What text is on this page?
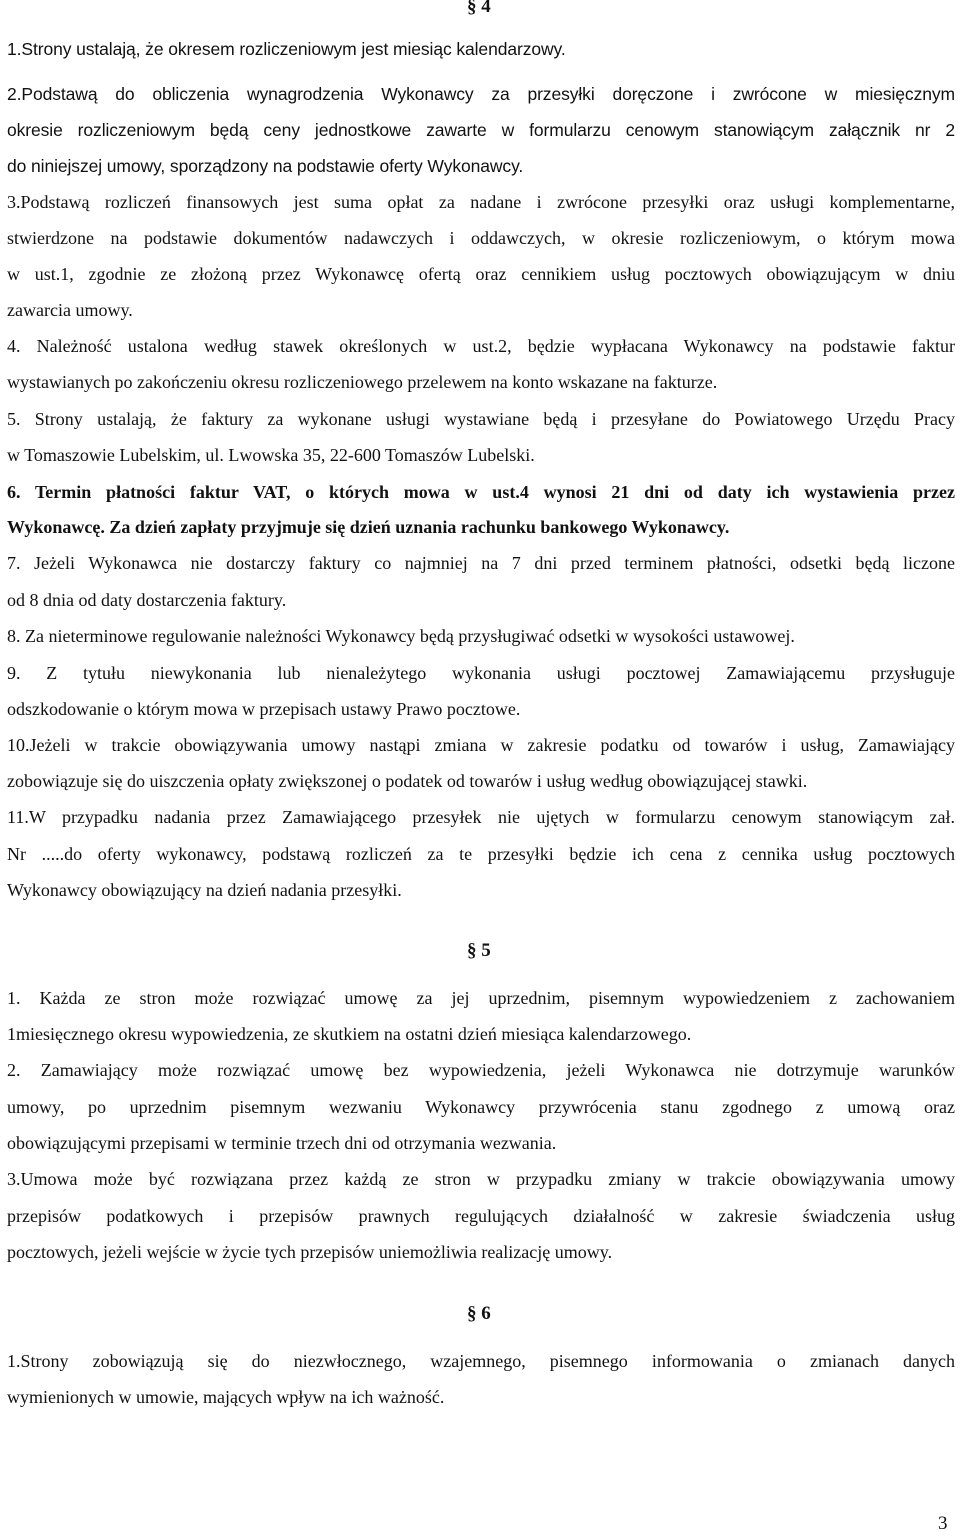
§ 4
1.Strony ustalają, że okresem rozliczeniowym jest miesiąc kalendarzowy.
2.Podstawą do obliczenia wynagrodzenia Wykonawcy za przesyłki doręczone i zwrócone w miesięcznym
okresie rozliczeniowym będą ceny jednostkowe zawarte w formularzu cenowym stanowiącym załącznik nr 2
do niniejszej umowy, sporządzony na podstawie oferty Wykonawcy.
3.Podstawą rozliczeń finansowych jest suma opłat za nadane i zwrócone przesyłki oraz usługi komplementarne,
stwierdzone na podstawie dokumentów nadawczych i oddawczych, w okresie rozliczeniowym, o którym mowa
w ust.1, zgodnie ze złożoną przez Wykonawcę ofertą oraz cennikiem usług pocztowych obowiązującym w dniu
zawarcia umowy.
4. Należność ustalona według stawek określonych w ust.2, będzie wypłacana Wykonawcy na podstawie faktur
wystawianych po zakończeniu okresu rozliczeniowego przelewem na konto wskazane na fakturze.
5. Strony ustalają, że faktury za wykonane usługi wystawiane będą i przesyłane do Powiatowego Urzędu Pracy
w Tomaszowie Lubelskim, ul. Lwowska 35, 22-600 Tomaszów Lubelski.
6. Termin płatności faktur VAT, o których mowa w ust.4 wynosi 21 dni od daty ich wystawienia przez
Wykonawcę. Za dzień zapłaty przyjmuje się dzień uznania rachunku bankowego Wykonawcy.
7. Jeżeli Wykonawca nie dostarczy faktury co najmniej na 7 dni przed terminem płatności, odsetki będą liczone
od 8 dnia od daty dostarczenia faktury.
8. Za nieterminowe regulowanie należności Wykonawcy będą przysługiwać odsetki w wysokości ustawowej.
9. Z tytułu niewykonania lub nienależytego wykonania usługi pocztowej Zamawiającemu przysługuje
odszkodowanie o którym mowa w przepisach ustawy Prawo pocztowe.
10.Jeżeli w trakcie obowiązywania umowy nastąpi zmiana w zakresie podatku od towarów i usług, Zamawiający
zobowiązuje się do uiszczenia opłaty zwiększonej o podatek od towarów i usług według obowiązującej stawki.
11.W przypadku nadania przez Zamawiającego przesyłek nie ujętych w formularzu cenowym stanowiącym zał.
Nr .....do oferty wykonawcy, podstawą rozliczeń za te przesyłki będzie ich cena z cennika usług pocztowych
Wykonawcy obowiązujący na dzień nadania przesyłki.
§ 5
1. Każda ze stron może rozwiązać umowę za jej uprzednim, pisemnym wypowiedzeniem z zachowaniem
1miesięcznego okresu wypowiedzenia, ze skutkiem na ostatni dzień miesiąca kalendarzowego.
2. Zamawiający może rozwiązać umowę bez wypowiedzenia, jeżeli Wykonawca nie dotrzymuje warunków
umowy, po uprzednim pisemnym wezwaniu Wykonawcy przywrócenia stanu zgodnego z umową oraz
obowiązującymi przepisami w terminie trzech dni od otrzymania wezwania.
3.Umowa może być rozwiązana przez każdą ze stron w przypadku zmiany w trakcie obowiązywania umowy
przepisów podatkowych i przepisów prawnych regulujących działalność w zakresie świadczenia usług
pocztowych, jeżeli wejście w życie tych przepisów uniemożliwia realizację umowy.
§ 6
1.Strony zobowiązują się do niezwłocznego, wzajemnego, pisemnego informowania o zmianach danych
wymienionych w umowie, mających wpływ na ich ważność.
3
